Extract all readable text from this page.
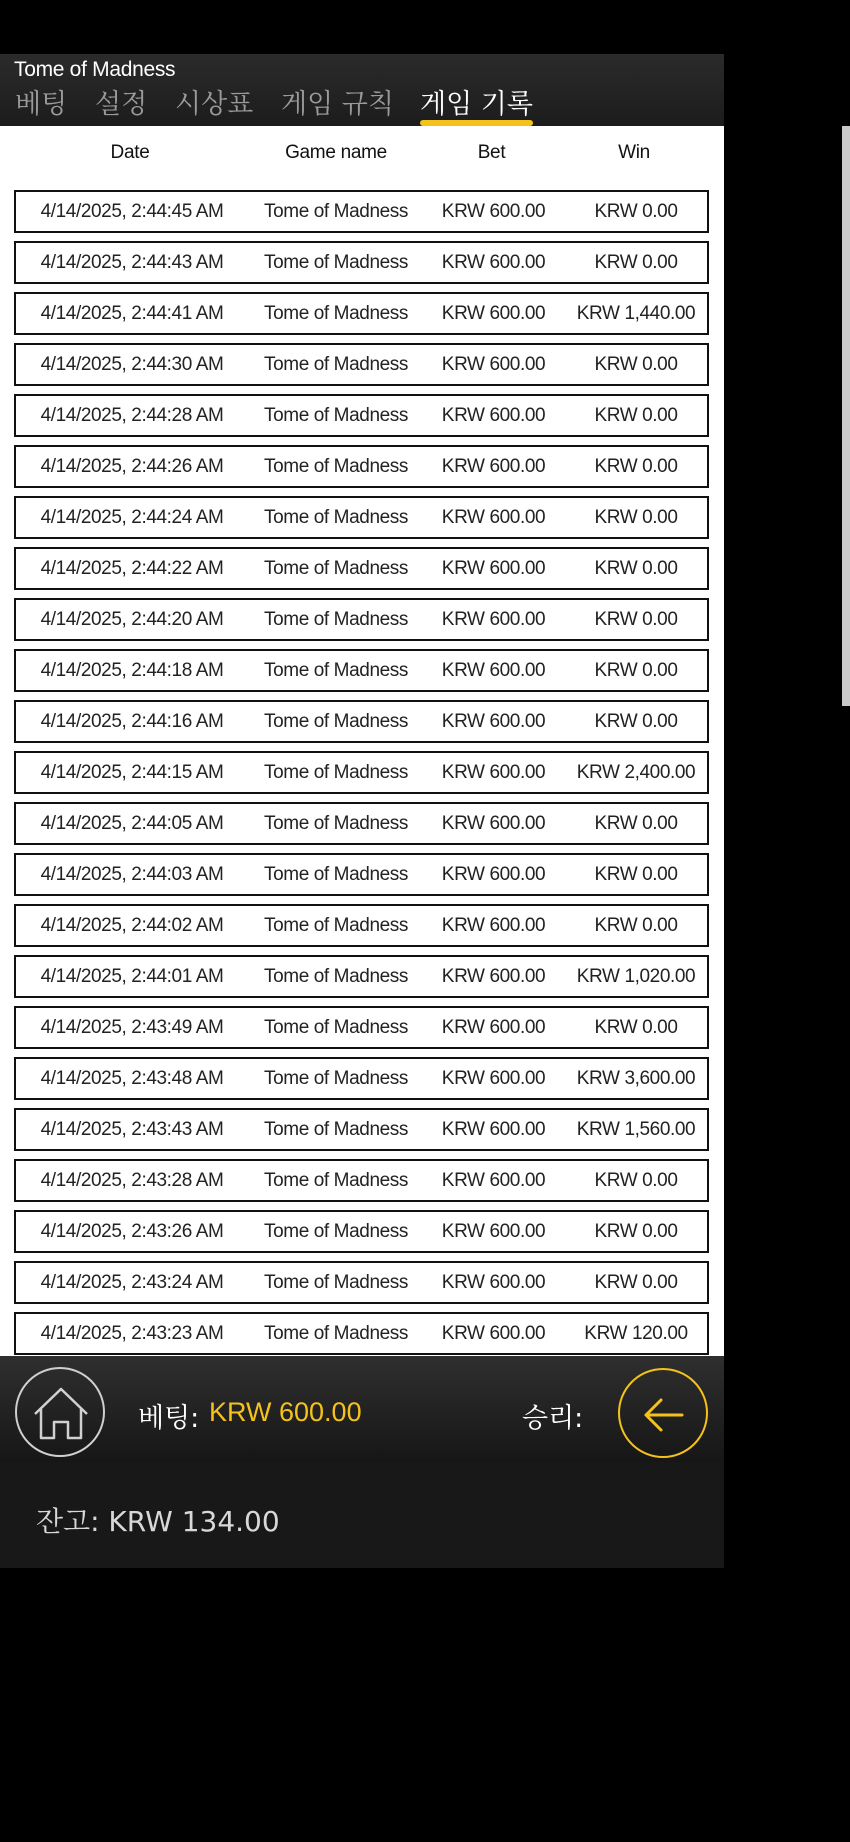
Tome of Madness
베팅 설정 시상표 게임 규칙 게임 기록
Date	Game name	Bet	Win
4/14/2025, 2:44:45 AM	Tome of Madness	KRW 600.00	KRW 0.00
4/14/2025, 2:44:43 AM	Tome of Madness	KRW 600.00	KRW 0.00
4/14/2025, 2:44:41 AM	Tome of Madness	KRW 600.00	KRW 1,440.00
4/14/2025, 2:44:30 AM	Tome of Madness	KRW 600.00	KRW 0.00
4/14/2025, 2:44:28 AM	Tome of Madness	KRW 600.00	KRW 0.00
4/14/2025, 2:44:26 AM	Tome of Madness	KRW 600.00	KRW 0.00
4/14/2025, 2:44:24 AM	Tome of Madness	KRW 600.00	KRW 0.00
4/14/2025, 2:44:22 AM	Tome of Madness	KRW 600.00	KRW 0.00
4/14/2025, 2:44:20 AM	Tome of Madness	KRW 600.00	KRW 0.00
4/14/2025, 2:44:18 AM	Tome of Madness	KRW 600.00	KRW 0.00
4/14/2025, 2:44:16 AM	Tome of Madness	KRW 600.00	KRW 0.00
4/14/2025, 2:44:15 AM	Tome of Madness	KRW 600.00	KRW 2,400.00
4/14/2025, 2:44:05 AM	Tome of Madness	KRW 600.00	KRW 0.00
4/14/2025, 2:44:03 AM	Tome of Madness	KRW 600.00	KRW 0.00
4/14/2025, 2:44:02 AM	Tome of Madness	KRW 600.00	KRW 0.00
4/14/2025, 2:44:01 AM	Tome of Madness	KRW 600.00	KRW 1,020.00
4/14/2025, 2:43:49 AM	Tome of Madness	KRW 600.00	KRW 0.00
4/14/2025, 2:43:48 AM	Tome of Madness	KRW 600.00	KRW 3,600.00
4/14/2025, 2:43:43 AM	Tome of Madness	KRW 600.00	KRW 1,560.00
4/14/2025, 2:43:28 AM	Tome of Madness	KRW 600.00	KRW 0.00
4/14/2025, 2:43:26 AM	Tome of Madness	KRW 600.00	KRW 0.00
4/14/2025, 2:43:24 AM	Tome of Madness	KRW 600.00	KRW 0.00
4/14/2025, 2:43:23 AM	Tome of Madness	KRW 600.00	KRW 120.00
베팅: KRW 600.00	승리:
잔고: KRW 134.00
